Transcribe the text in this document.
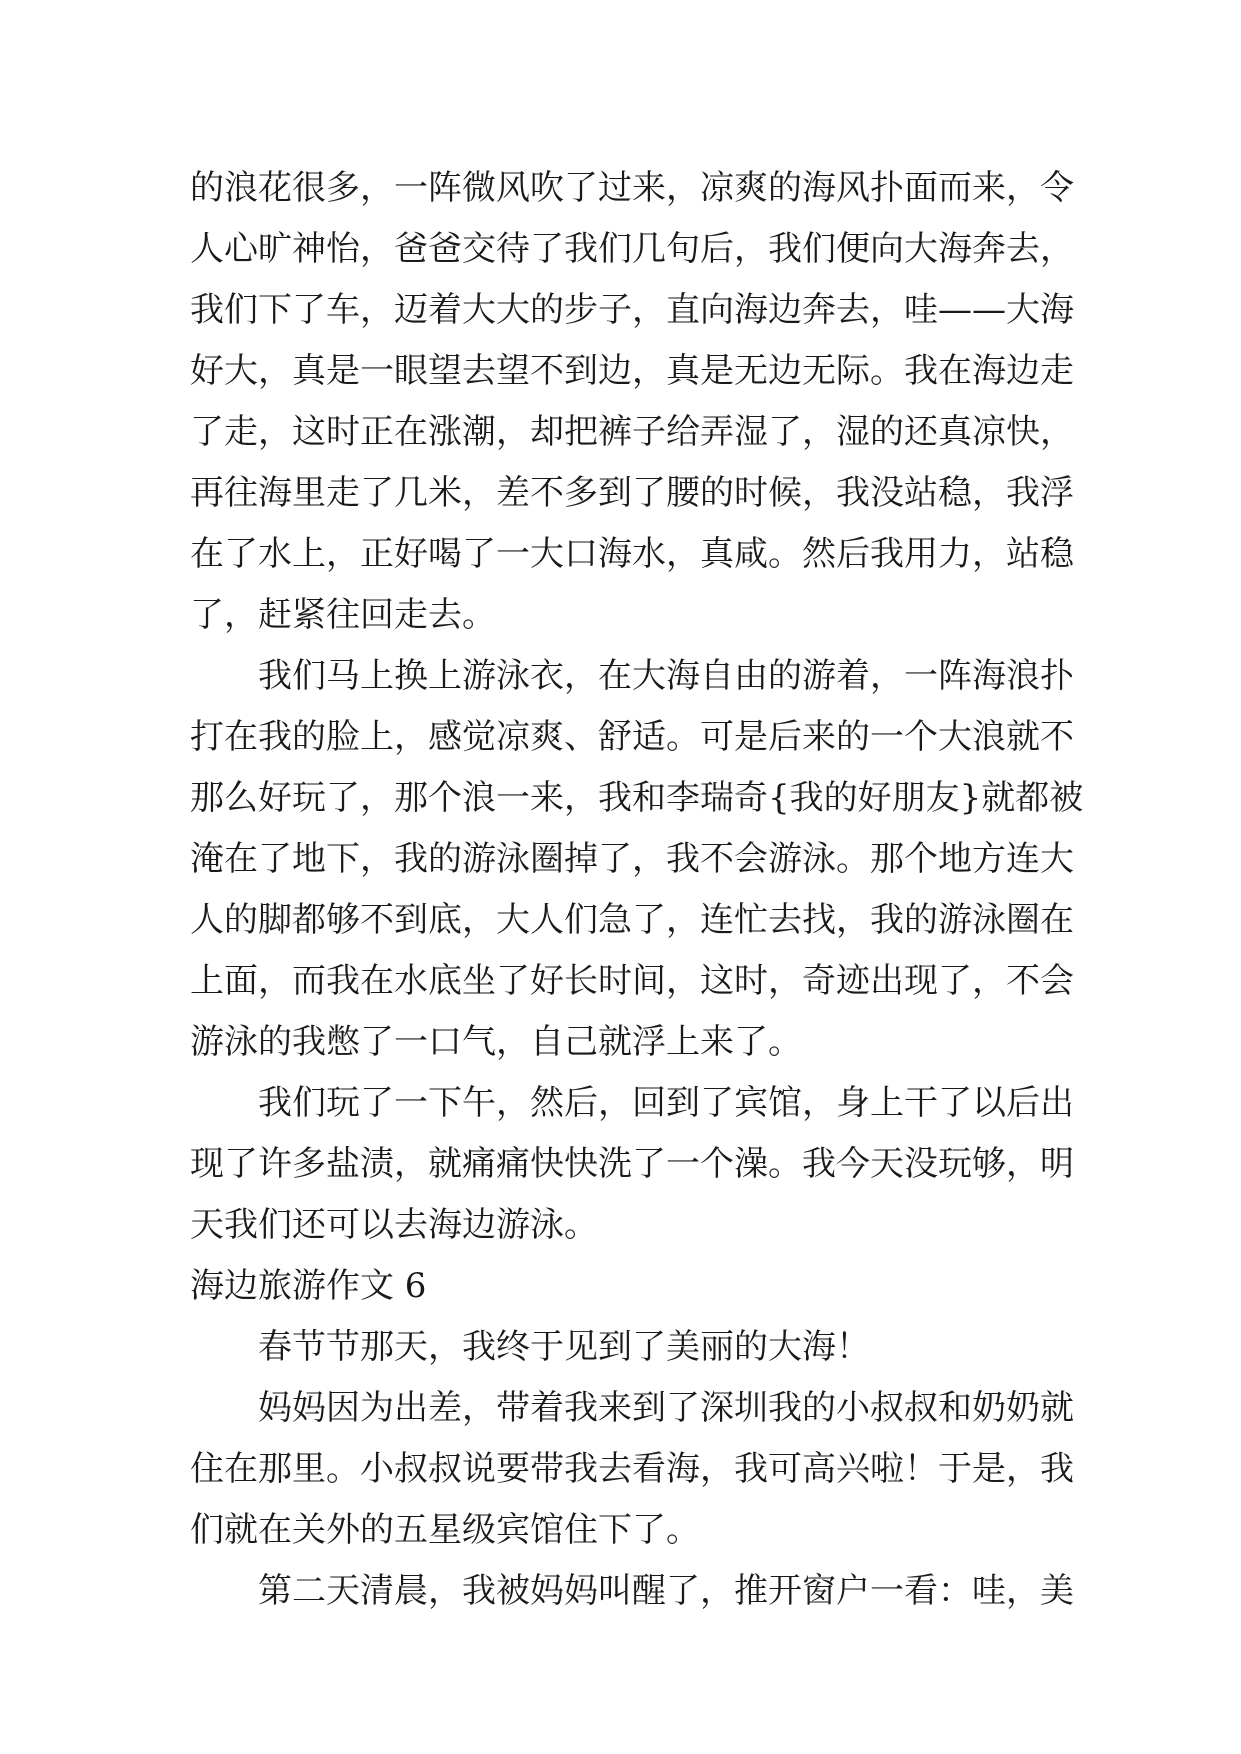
的浪花很多，一阵微风吹了过来，凉爽的海风扑面而来，令
人心旷神怡，爸爸交待了我们几句后，我们便向大海奔去，
我们下了车，迈着大大的步子，直向海边奔去，哇——大海
好大，真是一眼望去望不到边，真是无边无际。我在海边走
了走，这时正在涨潮，却把裤子给弄湿了，湿的还真凉快，
再往海里走了几米，差不多到了腰的时候，我没站稳，我浮
在了水上，正好喝了一大口海水，真咸。然后我用力，站稳
了，赶紧往回走去。
我们马上换上游泳衣，在大海自由的游着，一阵海浪扑
打在我的脸上，感觉凉爽、舒适。可是后来的一个大浪就不
那么好玩了，那个浪一来，我和李瑞奇{我的好朋友}就都被
淹在了地下，我的游泳圈掉了，我不会游泳。那个地方连大
人的脚都够不到底，大人们急了，连忙去找，我的游泳圈在
上面，而我在水底坐了好长时间，这时，奇迹出现了，不会
游泳的我憋了一口气，自己就浮上来了。
我们玩了一下午，然后，回到了宾馆，身上干了以后出
现了许多盐渍，就痛痛快快洗了一个澡。我今天没玩够，明
天我们还可以去海边游泳。
海边旅游作文 6
春节节那天，我终于见到了美丽的大海！
妈妈因为出差，带着我来到了深圳我的小叔叔和奶奶就
住在那里。小叔叔说要带我去看海，我可高兴啦！于是，我
们就在关外的五星级宾馆住下了。
第二天清晨，我被妈妈叫醒了，推开窗户一看：哇，美
